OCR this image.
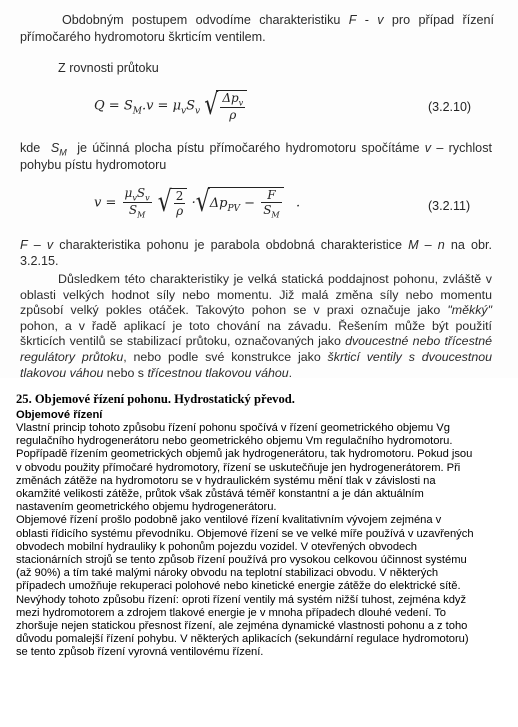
Obdobným postupem odvodíme charakteristiku F - v pro případ řízení
přímočarého hydromotoru škrticím ventilem.
Z rovnosti průtoku
$Q = S_M.v = \mu_vS_v$ √ $\frac{\Delta p_v}{\rho}$	(3.2.10)
kde  $S_M$  je účinná plocha pístu přímočarého hydromotoru spočítáme v – rychlost
pohybu pístu hydromotoru
$v = \frac{\mu_vS_v}{S_M}$ √ $\frac{2}{\rho} \cdot√\Delta p_{PV} - \frac{F}{S_M}$ .	(3.2.11)
F – v charakteristika pohonu je parabola obdobná charakteristice M – n na obr.
3.2.15.
Důsledkem této charakteristiky je velká statická poddajnost pohonu, zvláště v oblasti velkých hodnot síly nebo momentu. Již malá změna síly nebo momentu způsobí velký pokles otáček. Takovýto pohon se v praxi označuje jako "měkký" pohon, a v řadě aplikací je toto chování na závadu. Řešením může být použití škrticích ventilů se stabilizací průtoku, označovaných jako dvoucestné nebo třícestné regulátory průtoku, nebo podle své konstrukce jako škrticí ventily s dvoucestnou tlakovou váhou nebo s třícestnou tlakovou váhou.
25. Objemové řízení pohonu. Hydrostatický převod.
Objemové řízení
Vlastní princip tohoto způsobu řízení pohonu spočívá v řízení geometrického objemu Vg
regulačního hydrogenerátoru nebo geometrického objemu Vm regulačního hydromotoru.
Popřípadě řízením geometrických objemů jak hydrogenerátoru, tak hydromotoru. Pokud jsou
v obvodu použity přímočaré hydromotory, řízení se uskutečňuje jen hydrogenerátorem. Při
změnách zátěže na hydromotoru se v hydraulickém systému mění tlak v závislosti na
okamžité velikosti zátěže, průtok však zůstává téměř konstantní a je dán aktuálním
nastavením geometrického objemu hydrogenerátoru.
Objemové řízení prošlo podobně jako ventilové řízení kvalitativním vývojem zejména v
oblasti řídicího systému převodníku. Objemové řízení se ve velké míře používá v uzavřených
obvodech mobilní hydrauliky k pohonům pojezdu vozidel. V otevřených obvodech
stacionárních strojů se tento způsob řízení používá pro vysokou celkovou účinnost systému
(až 90%) a tím také malými nároky obvodu na teplotní stabilizaci obvodu. V některých
případech umožňuje rekuperaci polohové nebo kinetické energie zátěže do elektrické sítě.
Nevýhody tohoto způsobu řízení: oproti řízení ventily má systém nižší tuhost, zejména když
mezi hydromotorem a zdrojem tlakové energie je v mnoha případech dlouhé vedení. To
zhoršuje nejen statickou přesnost řízení, ale zejména dynamické vlastnosti pohonu a z toho
důvodu pomalejší řízení pohybu. V některých aplikacích (sekundární regulace hydromotoru)
se tento způsob řízení vyrovná ventilovému řízení.
